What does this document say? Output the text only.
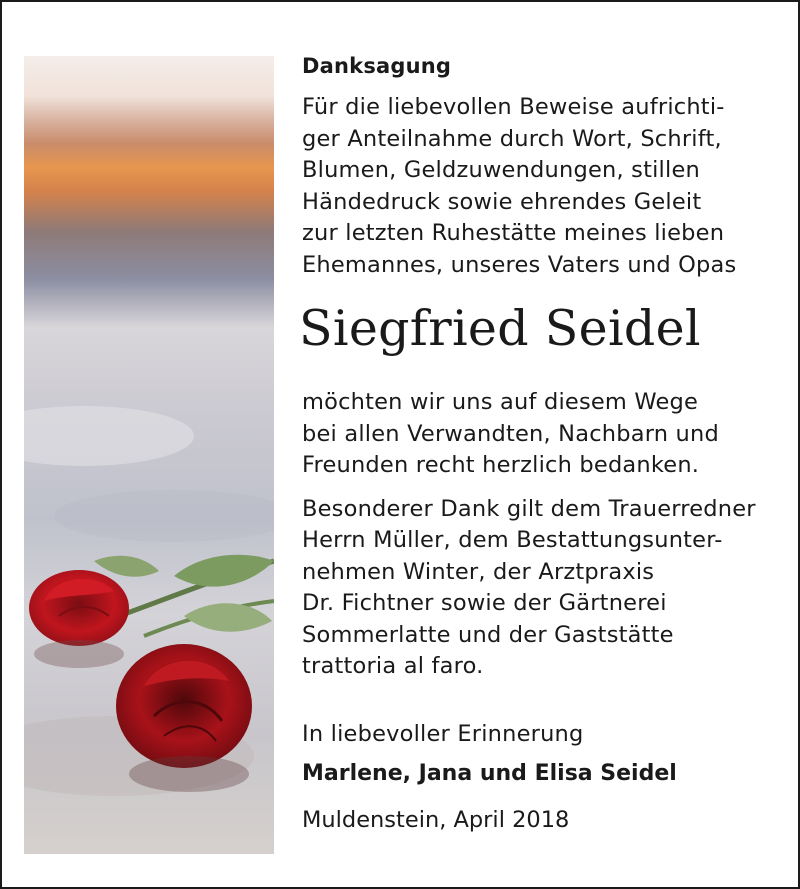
Danksagung

Für die liebevollen Beweise aufrichti-
ger Anteilnahme durch Wort, Schrift,
Blumen, Geldzuwendungen, stillen
Händedruck sowie ehrendes Geleit
zur letzten Ruhestätte meines lieben
Ehemannes, unseres Vaters und Opas

Siegfried Seidel

möchten wir uns auf diesem Wege
bei allen Verwandten, Nachbarn und
Freunden recht herzlich bedanken.

Besonderer Dank gilt dem Trauerredner
Herrn Müller, dem Bestattungsunter-
nehmen Winter, der Arztpraxis
Dr. Fichtner sowie der Gärtnerei
Sommerlatte und der Gaststätte
trattoria al faro.

In liebevoller Erinnerung
Marlene, Jana und Elisa Seidel
Muldenstein, April 2018
